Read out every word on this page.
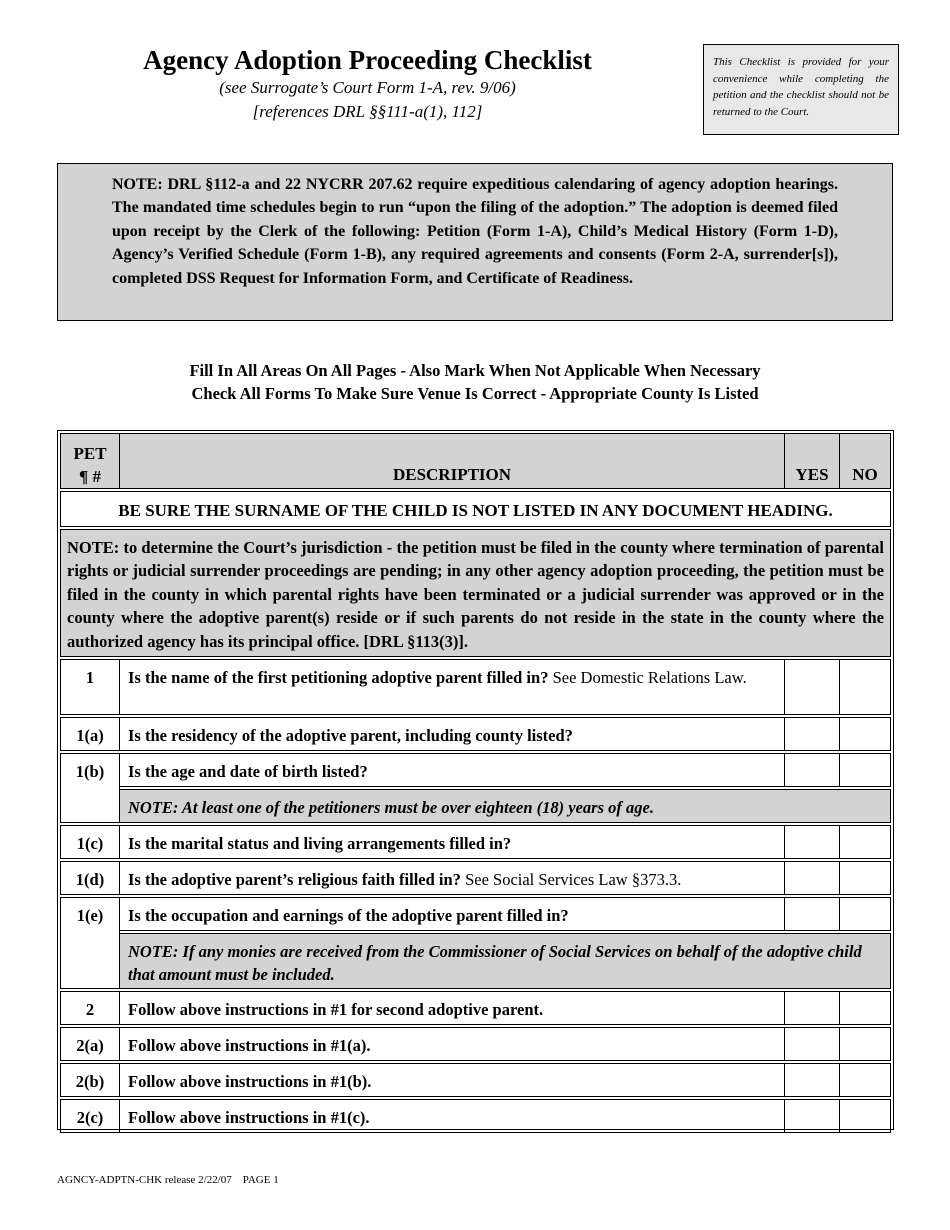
Agency Adoption Proceeding Checklist
(see Surrogate’s Court Form 1-A, rev. 9/06)
[references DRL §§111-a(1), 112]
This Checklist is provided for your convenience while completing the petition and the checklist should not be returned to the Court.
NOTE: DRL §112-a and 22 NYCRR 207.62 require expeditious calendaring of agency adoption hearings. The mandated time schedules begin to run “upon the filing of the adoption.” The adoption is deemed filed upon receipt by the Clerk of the following: Petition (Form 1-A), Child’s Medical History (Form 1-D), Agency’s Verified Schedule (Form 1-B), any required agreements and consents (Form 2-A, surrender[s]), completed DSS Request for Information Form, and Certificate of Readiness.
Fill In All Areas On All Pages - Also Mark When Not Applicable When Necessary
Check All Forms To Make Sure Venue Is Correct - Appropriate County Is Listed
PET
¶ #	DESCRIPTION	YES	NO
BE SURE THE SURNAME OF THE CHILD IS NOT LISTED IN ANY DOCUMENT HEADING.			
NOTE: to determine the Court’s jurisdiction - the petition must be filed in the county where termination of parental rights or judicial surrender proceedings are pending; in any other agency adoption proceeding, the petition must be filed in the county in which parental rights have been terminated or a judicial surrender was approved or in the county where the adoptive parent(s) reside or if such parents do not reside in the state in the county where the authorized agency has its principal office. [DRL §113(3)].			
1	Is the name of the first petitioning adoptive parent filled in? See Domestic Relations Law.		
1(a)	Is the residency of the adoptive parent, including county listed?		
1(b)	Is the age and date of birth listed?		
	NOTE: At least one of the petitioners must be over eighteen (18) years of age.		
1(c)	Is the marital status and living arrangements filled in?		
1(d)	Is the adoptive parent’s religious faith filled in? See Social Services Law §373.3.		
1(e)	Is the occupation and earnings of the adoptive parent filled in?		
	NOTE: If any monies are received from the Commissioner of Social Services on behalf of the adoptive child that amount must be included.		
2	Follow above instructions in #1 for second adoptive parent.		
2(a)	Follow above instructions in #1(a).		
2(b)	Follow above instructions in #1(b).		
2(c)	Follow above instructions in #1(c).		
AGNCY-ADPTN-CHK release 2/22/07    PAGE 1
